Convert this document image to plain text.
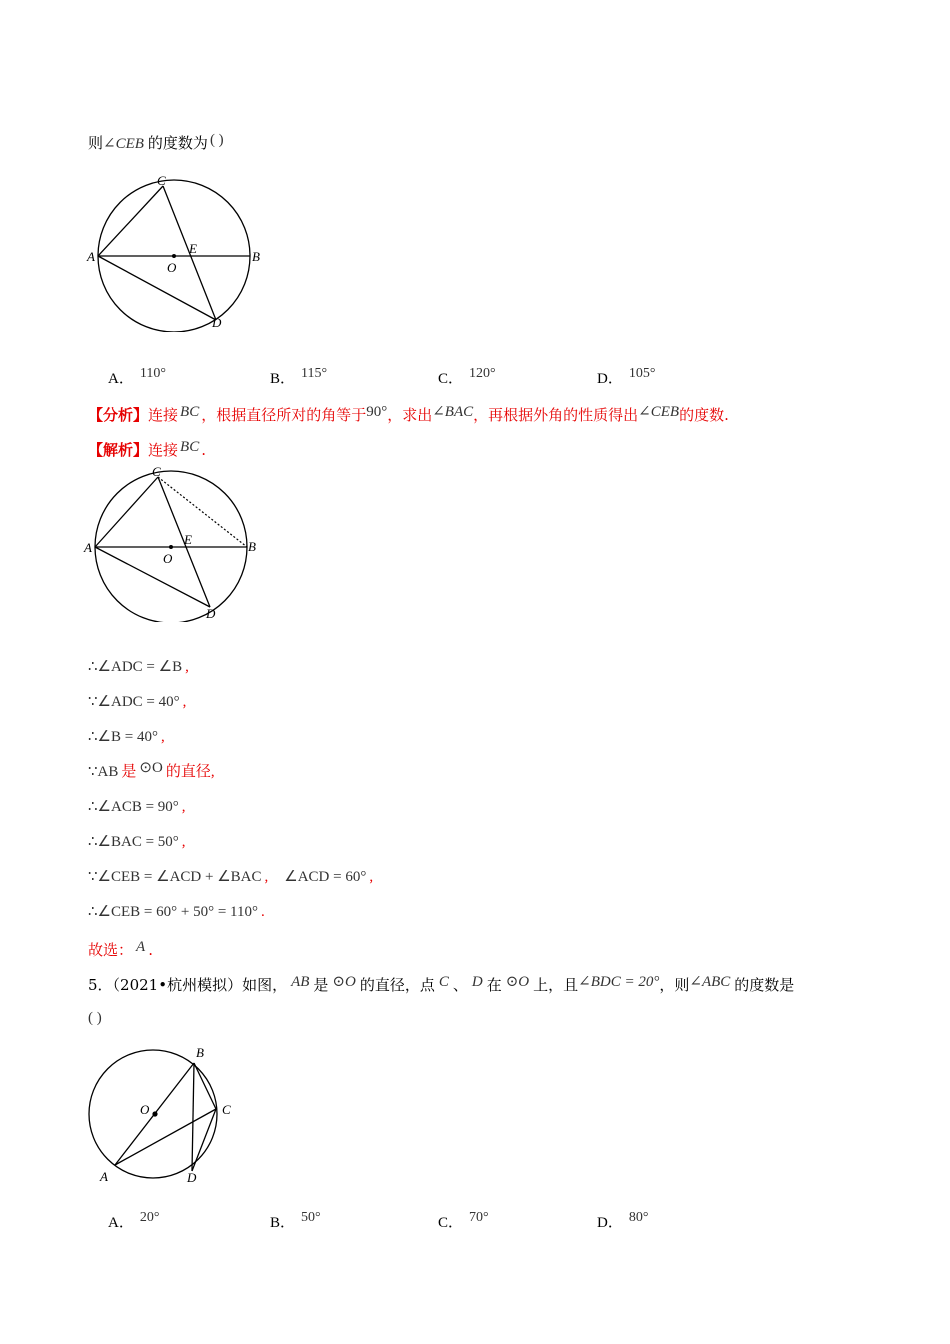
则∠CEB 的度数为 ( )
A	B
C
D
E
O
A． 110°	B． 115°	C． 120°	D． 105°
【分析】连接 BC ，根据直径所对的角等于90°，求出∠BAC，再根据外角的性质得出∠CEB的度数.
【解析】连接 BC .
A	B
C
D
E
O
∴∠ADC = ∠B ,
∵∠ADC = 40° ,
∴∠B = 40° ,
∵AB 是 ⊙O 的直径,
∴∠ACB = 90° ,
∴∠BAC = 50° ,
∵∠CEB = ∠ACD + ∠BAC , ∠ACD = 60° ,
∴∠CEB = 60° + 50° = 110° .
故选： A .
5．（2021•杭州模拟）如图， AB 是 ⊙O 的直径，点 C 、 D 在 ⊙O 上，且∠BDC = 20°，则∠ABC 的度数是
( )
O
B
C
D
A
A． 20°	B． 50°	C． 70°	D． 80°
